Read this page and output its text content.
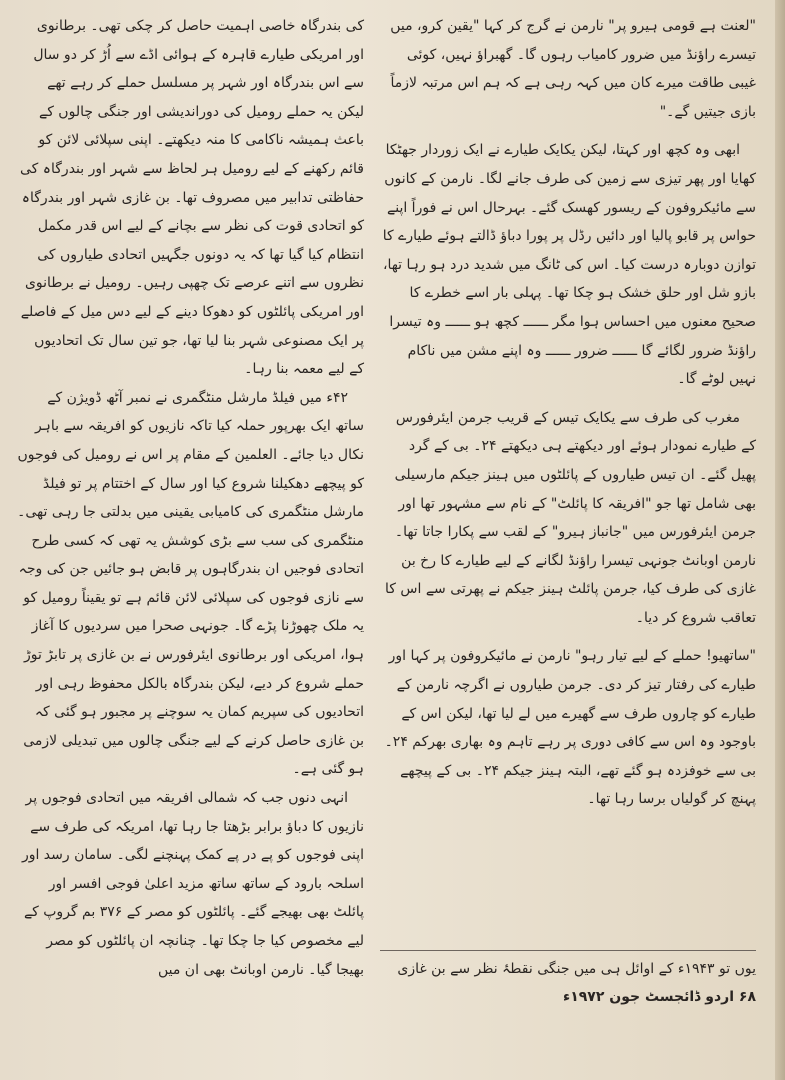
"لعنت ہے قومی ہیرو پر" نارمن نے گرج کر کہا "یقین کرو، میں تیسرے راؤنڈ میں ضرور کامیاب رہوں گا۔ گھبراؤ نہیں، کوئی غیبی طاقت میرے کان میں کہہ رہی ہے کہ ہم اس مرتبہ لازماً بازی جیتیں گے۔"

ابھی وہ کچھ اور کہتا، لیکن یکایک طیارے نے ایک زوردار جھٹکا کھایا اور پھر تیزی سے زمین کی طرف جانے لگا۔ نارمن کے کانوں سے مائیکروفون کے ریسور کھسک گئے۔ بہرحال اس نے فوراً اپنے حواس پر قابو پالیا اور دائیں رڈل پر پورا دباؤ ڈالتے ہوئے طیارے کا توازن دوبارہ درست کیا۔ اس کی ٹانگ میں شدید درد ہو رہا تھا، بازو شل اور حلق خشک ہو چکا تھا۔ پہلی بار اسے خطرے کا صحیح معنوں میں احساس ہوا مگر ــــــ کچھ ہو ــــــ وہ تیسرا راؤنڈ ضرور لگائے گا ــــــ ضرور ــــــ وہ اپنے مشن میں ناکام نہیں لوٹے گا۔

مغرب کی طرف سے یکایک تیس کے قریب جرمن ایئرفورس کے طیارے نمودار ہوئے اور دیکھتے ہی دیکھتے ۲۴۔ بی کے گرد پھیل گئے۔ ان تیس طیاروں کے پائلٹوں میں ہینز جیکم مارسیلی بھی شامل تھا جو "افریقہ کا پائلٹ" کے نام سے مشہور تھا اور جرمن ایئرفورس میں "جانباز ہیرو" کے لقب سے پکارا جاتا تھا۔ نارمن اوبانٹ جونہی تیسرا راؤنڈ لگانے کے لیے طیارے کا رخ بن غازی کی طرف کیا، جرمن پائلٹ ہینز جیکم نے پھرتی سے اس کا تعاقب شروع کر دیا۔

"ساتھیو! حملے کے لیے تیار رہو" نارمن نے مائیکروفون پر کہا اور طیارے کی رفتار تیز کر دی۔ جرمن طیاروں نے اگرچہ نارمن کے طیارے کو چاروں طرف سے گھیرے میں لے لیا تھا، لیکن اس کے باوجود وہ اس سے کافی دوری پر رہے تاہم وہ بھاری بھرکم ۲۴۔ بی سے خوفزدہ ہو گئے تھے، البتہ ہینز جیکم ۲۴۔ بی کے پیچھے پہنچ کر گولیاں برسا رہا تھا۔

کی بندرگاہ خاصی اہمیت حاصل کر چکی تھی۔ برطانوی اور امریکی طیارے قاہرہ کے ہوائی اڈے سے اُڑ کر دو سال سے اس بندرگاہ اور شہر پر مسلسل حملے کر رہے تھے لیکن یہ حملے رومیل کی دوراندیشی اور جنگی چالوں کے باعث ہمیشہ ناکامی کا منہ دیکھتے۔ اپنی سپلائی لائن کو قائم رکھنے کے لیے رومیل ہر لحاظ سے شہر اور بندرگاہ کی حفاظتی تدابیر میں مصروف تھا۔ بن غازی شہر اور بندرگاہ کو اتحادی قوت کی نظر سے بچانے کے لیے اس قدر مکمل انتظام کیا گیا تھا کہ یہ دونوں جگہیں اتحادی طیاروں کی نظروں سے اتنے عرصے تک چھپی رہیں۔ رومیل نے برطانوی اور امریکی پائلٹوں کو دھوکا دینے کے لیے دس میل کے فاصلے پر ایک مصنوعی شہر بنا لیا تھا، جو تین سال تک اتحادیوں کے لیے معمہ بنا رہا۔

۴۲ء میں فیلڈ مارشل منٹگمری نے نمبر آٹھ ڈویژن کے ساتھ ایک بھرپور حملہ کیا تاکہ نازیوں کو افریقہ سے باہر نکال دیا جائے۔ العلمین کے مقام پر اس نے رومیل کی فوجوں کو پیچھے دھکیلنا شروع کیا اور سال کے اختتام پر تو فیلڈ مارشل منٹگمری کی کامیابی یقینی میں بدلتی جا رہی تھی۔ منٹگمری کی سب سے بڑی کوشش یہ تھی کہ کسی طرح اتحادی فوجیں ان بندرگاہوں پر قابض ہو جائیں جن کی وجہ سے نازی فوجوں کی سپلائی لائن قائم ہے تو یقیناً رومیل کو یہ ملک چھوڑنا پڑے گا۔ جونہی صحرا میں سردیوں کا آغاز ہوا، امریکی اور برطانوی ایئرفورس نے بن غازی پر تابڑ توڑ حملے شروع کر دیے، لیکن بندرگاہ بالکل محفوظ رہی اور اتحادیوں کی سپریم کمان یہ سوچنے پر مجبور ہو گئی کہ بن غازی حاصل کرنے کے لیے جنگی چالوں میں تبدیلی لازمی ہو گئی ہے۔

انہی دنوں جب کہ شمالی افریقہ میں اتحادی فوجوں پر نازیوں کا دباؤ برابر بڑھتا جا رہا تھا، امریکہ کی طرف سے اپنی فوجوں کو پے در پے کمک پہنچنے لگی۔ سامان رسد اور اسلحہ بارود کے ساتھ ساتھ مزید اعلیٰ فوجی افسر اور پائلٹ بھی بھیجے گئے۔ پائلٹوں کو مصر کے ۳۷۶ بم گروپ کے لیے مخصوص کیا جا چکا تھا۔ چنانچہ ان پائلٹوں کو مصر بھیجا گیا۔ نارمن اوبانٹ بھی ان میں	یوں تو ۱۹۴۳ء کے اوائل ہی میں جنگی نقطۂ نظر سے بن غازی
۶۸ اردو ڈائجسٹ جون ۱۹۷۲ء
